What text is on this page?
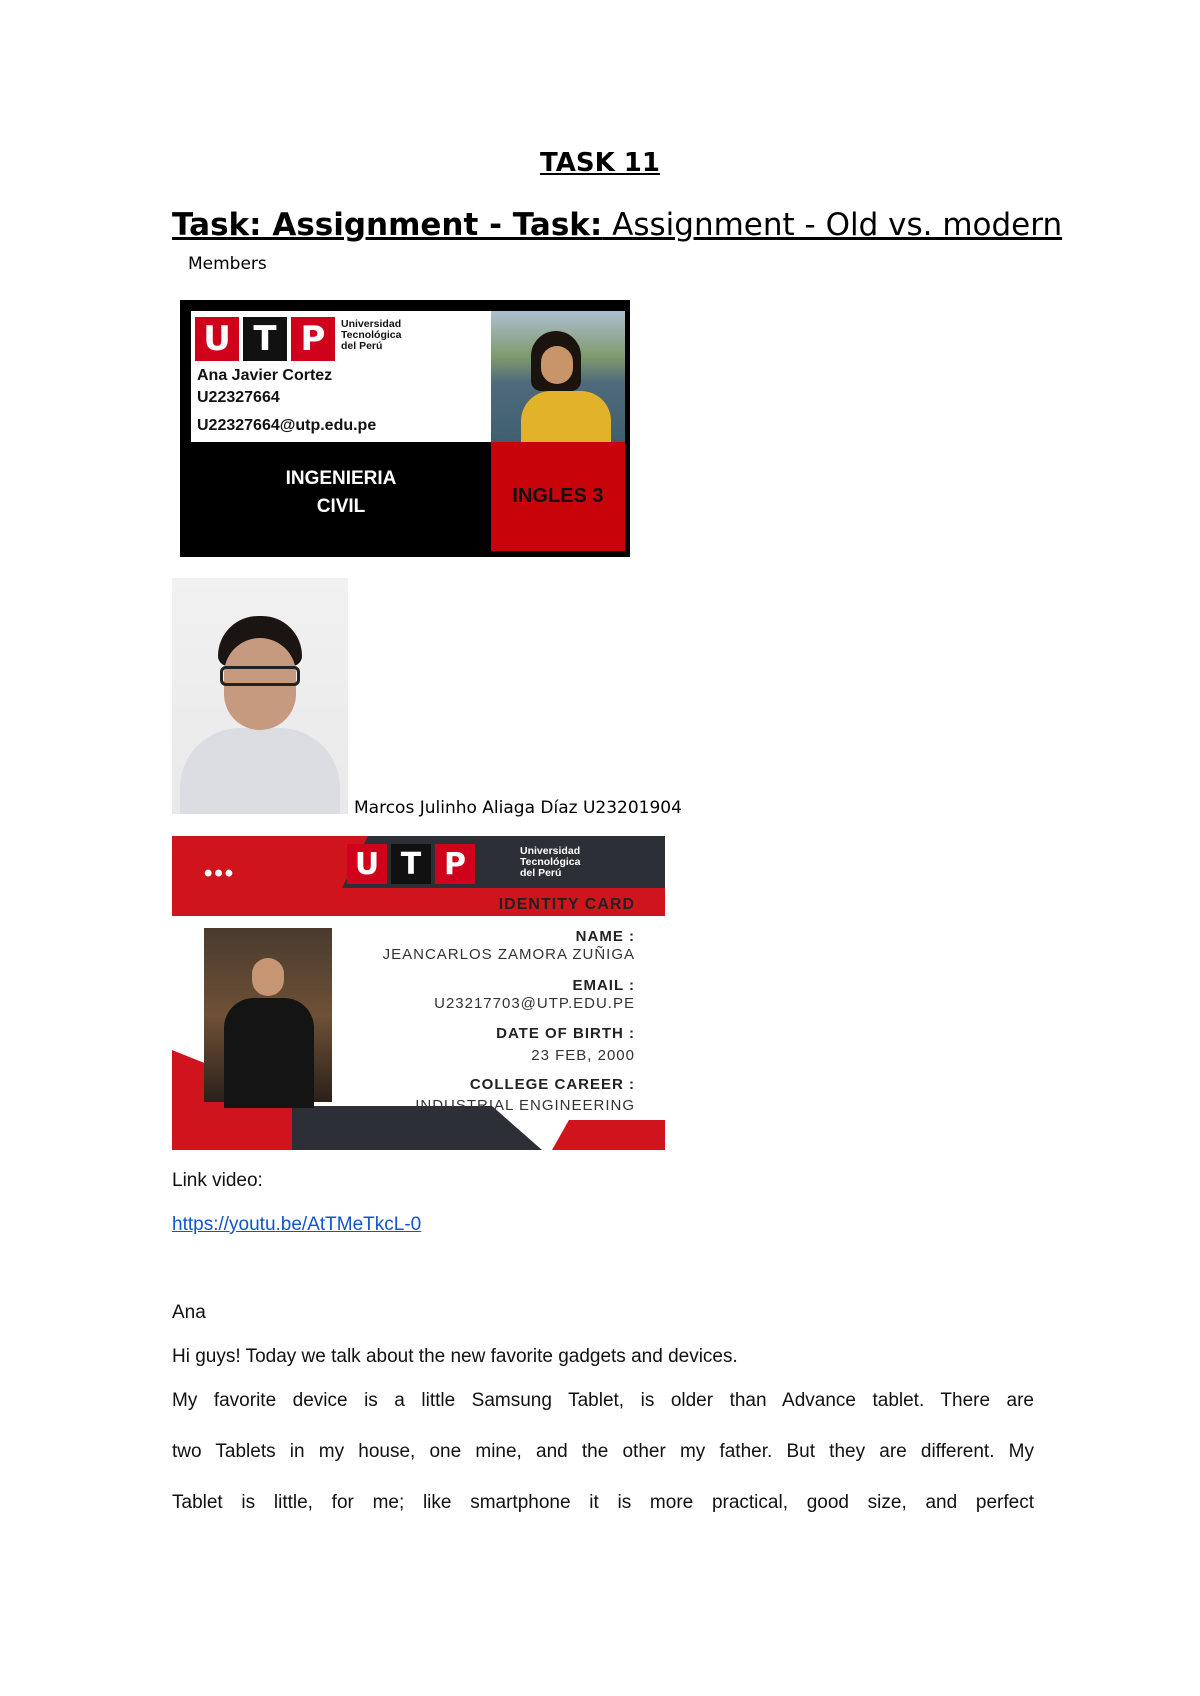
TASK 11
Task: Assignment - Task: Assignment - Old vs. modern
Members
U T P	Universidad
Tecnológica
del Perú
Ana Javier Cortez
U22327664
U22327664@utp.edu.pe
INGENIERIA
CIVIL	INGLES 3
Marcos Julinho Aliaga Díaz U23201904
•••	U T P	Universidad
Tecnológica
del Perú
IDENTITY CARD
NAME :
JEANCARLOS ZAMORA ZUÑIGA
EMAIL :
U23217703@UTP.EDU.PE
DATE OF BIRTH :
23 FEB, 2000
COLLEGE CAREER :
INDUSTRIAL ENGINEERING
Link video:
https://youtu.be/AtTMeTkcL-0
Ana
Hi guys! Today we talk about the new favorite gadgets and devices.
My favorite device is a little Samsung Tablet, is older than Advance tablet. There are
two Tablets in my house, one mine, and the other my father. But they are different. My
Tablet is little, for me; like smartphone it is more practical, good size, and perfect
